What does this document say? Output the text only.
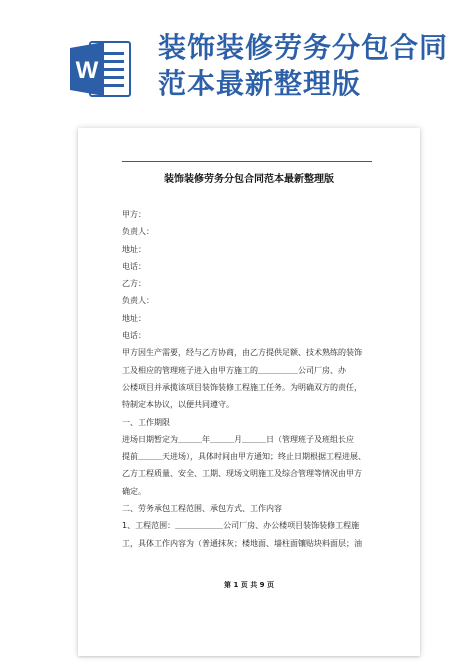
W
装饰装修劳务分包合同
范本最新整理版
装饰装修劳务分包合同范本最新整理版
甲方：
负责人：
地址：
电话：
乙方：
负责人：
地址：
电话：
甲方因生产需要，经与乙方协商，由乙方提供足额、技术熟练的装饰
工及相应的管理班子进入由甲方施工的＿＿＿＿＿公司厂房、办
公楼项目并承揽该项目装饰装修工程施工任务。为明确双方的责任，
特制定本协议，以便共同遵守。
一、工作期限
进场日期暂定为＿＿＿年＿＿＿月＿＿＿日（管理班子及班组长应
提前＿＿＿天进场），具体时间由甲方通知；终止日期根据工程进展、
乙方工程质量、安全、工期、现场文明施工及综合管理等情况由甲方
确定。
二、劳务承包工程范围、承包方式、工作内容
1、工程范围：＿＿＿＿＿＿公司厂房、办公楼项目装饰装修工程施
工，具体工作内容为（普通抹灰；楼地面、墙柱面镶贴块料面层；油
第 1 页 共 9 页
